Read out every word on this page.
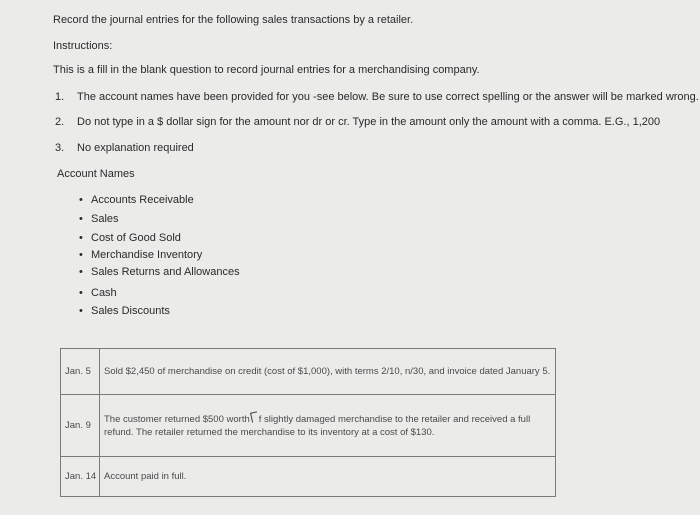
Record the journal entries for the following sales transactions by a retailer.
Instructions:
This is a fill in the blank question to record journal entries for a merchandising company.
1. The account names have been provided for you -see below. Be sure to use correct spelling or the answer will be marked wrong.
2. Do not type in a $ dollar sign for the amount nor dr or cr. Type in the amount only the amount with a comma. E.G., 1,200
3. No explanation required
Account Names
• Accounts Receivable
• Sales
• Cost of Good Sold
• Merchandise Inventory
• Sales Returns and Allowances
• Cash
• Sales Discounts
Jan. 5	Sold $2,450 of merchandise on credit (cost of $1,000), with terms 2/10, n/30, and invoice dated January 5.
Jan. 9	The customer returned $500 worth f slightly damaged merchandise to the retailer and received a full refund. The retailer returned the merchandise to its inventory at a cost of $130.
Jan. 14	Account paid in full.
